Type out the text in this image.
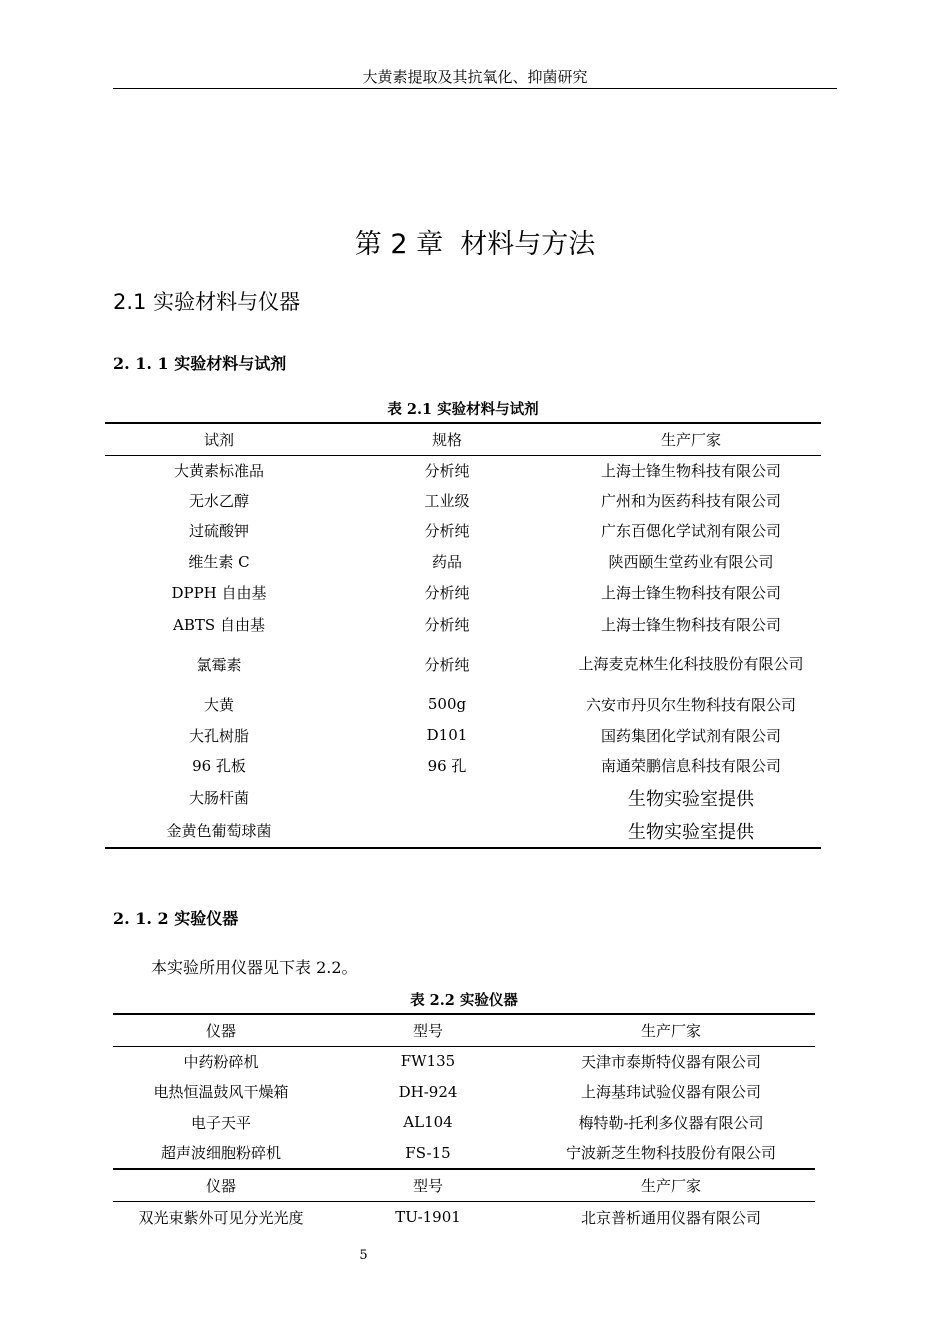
大黄素提取及其抗氧化、抑菌研究
第 2 章  材料与方法
2.1 实验材料与仪器
2. 1. 1 实验材料与试剂
表 2.1 实验材料与试剂
试剂	规格	生产厂家
大黄素标准品	分析纯	上海士锋生物科技有限公司
无水乙醇	工业级	广州和为医药科技有限公司
过硫酸钾	分析纯	广东百偲化学试剂有限公司
维生素 C	药品	陕西颐生堂药业有限公司
DPPH 自由基	分析纯	上海士锋生物科技有限公司
ABTS 自由基	分析纯	上海士锋生物科技有限公司
氯霉素	分析纯	上海麦克林生化科技股份有限公司
大黄	500g	六安市丹贝尔生物科技有限公司
大孔树脂	D101	国药集团化学试剂有限公司
96 孔板	96 孔	南通荣鹏信息科技有限公司
大肠杆菌		生物实验室提供
金黄色葡萄球菌		生物实验室提供
2. 1. 2 实验仪器
本实验所用仪器见下表 2.2。
表 2.2 实验仪器
仪器	型号	生产厂家
中药粉碎机	FW135	天津市泰斯特仪器有限公司
电热恒温鼓风干燥箱	DH-924	上海基玮试验仪器有限公司
电子天平	AL104	梅特勒-托利多仪器有限公司
超声波细胞粉碎机	FS-15	宁波新芝生物科技股份有限公司
仪器	型号	生产厂家
双光束紫外可见分光光度	TU-1901	北京普析通用仪器有限公司
5
